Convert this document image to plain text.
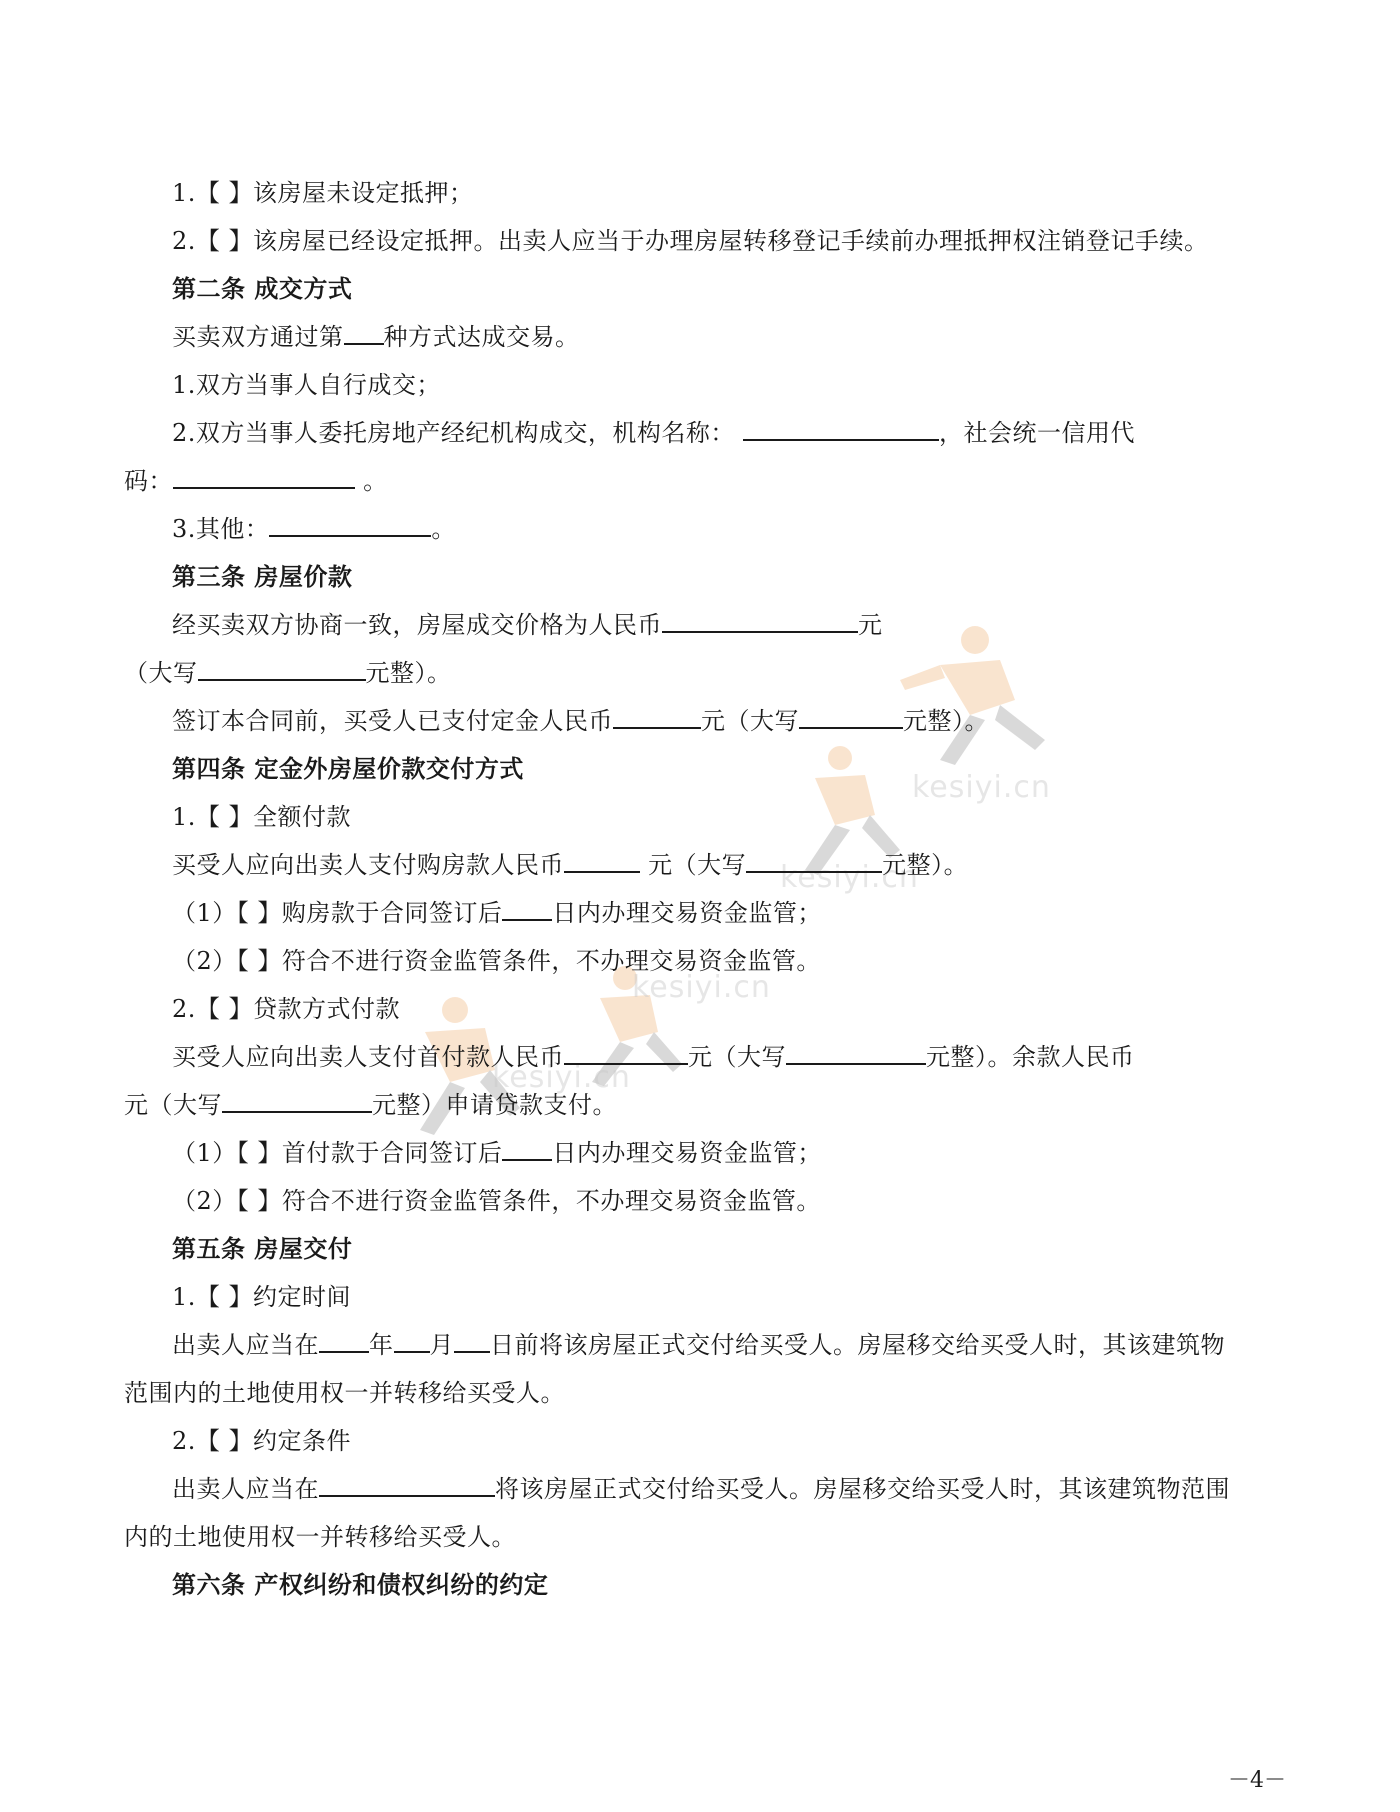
kesiyi.cn
kesiyi.cn
kesiyi.cn
kesiyi.cn
1.【 】该房屋未设定抵押；
2.【 】该房屋已经设定抵押。出卖人应当于办理房屋转移登记手续前办理抵押权注销登记手续。
第二条 成交方式
买卖双方通过第 种方式达成交易。
1.双方当事人自行成交；
2.双方当事人委托房地产经纪机构成交，机构名称：	，社会统一信用代
码：	。
3.其他：	。
第三条 房屋价款
经买卖双方协商一致，房屋成交价格为人民币	元
（大写	元整）。
签订本合同前，买受人已支付定金人民币	元（大写	元整）。
第四条 定金外房屋价款交付方式
1.【 】全额付款
买受人应向出卖人支付购房款人民币	元（大写	元整）。
（1）【 】购房款于合同签订后 日内办理交易资金监管；
（2）【 】符合不进行资金监管条件，不办理交易资金监管。
2.【 】贷款方式付款
买受人应向出卖人支付首付款人民币	元（大写	元整）。余款人民币
元（大写	元整）申请贷款支付。
（1）【 】首付款于合同签订后 日内办理交易资金监管；
（2）【 】符合不进行资金监管条件，不办理交易资金监管。
第五条 房屋交付
1.【 】约定时间
出卖人应当在 年 月 日前将该房屋正式交付给买受人。房屋移交给买受人时，其该建筑物
范围内的土地使用权一并转移给买受人。
2.【 】约定条件
出卖人应当在	将该房屋正式交付给买受人。房屋移交给买受人时，其该建筑物范围
内的土地使用权一并转移给买受人。
第六条 产权纠纷和债权纠纷的约定
－4－
